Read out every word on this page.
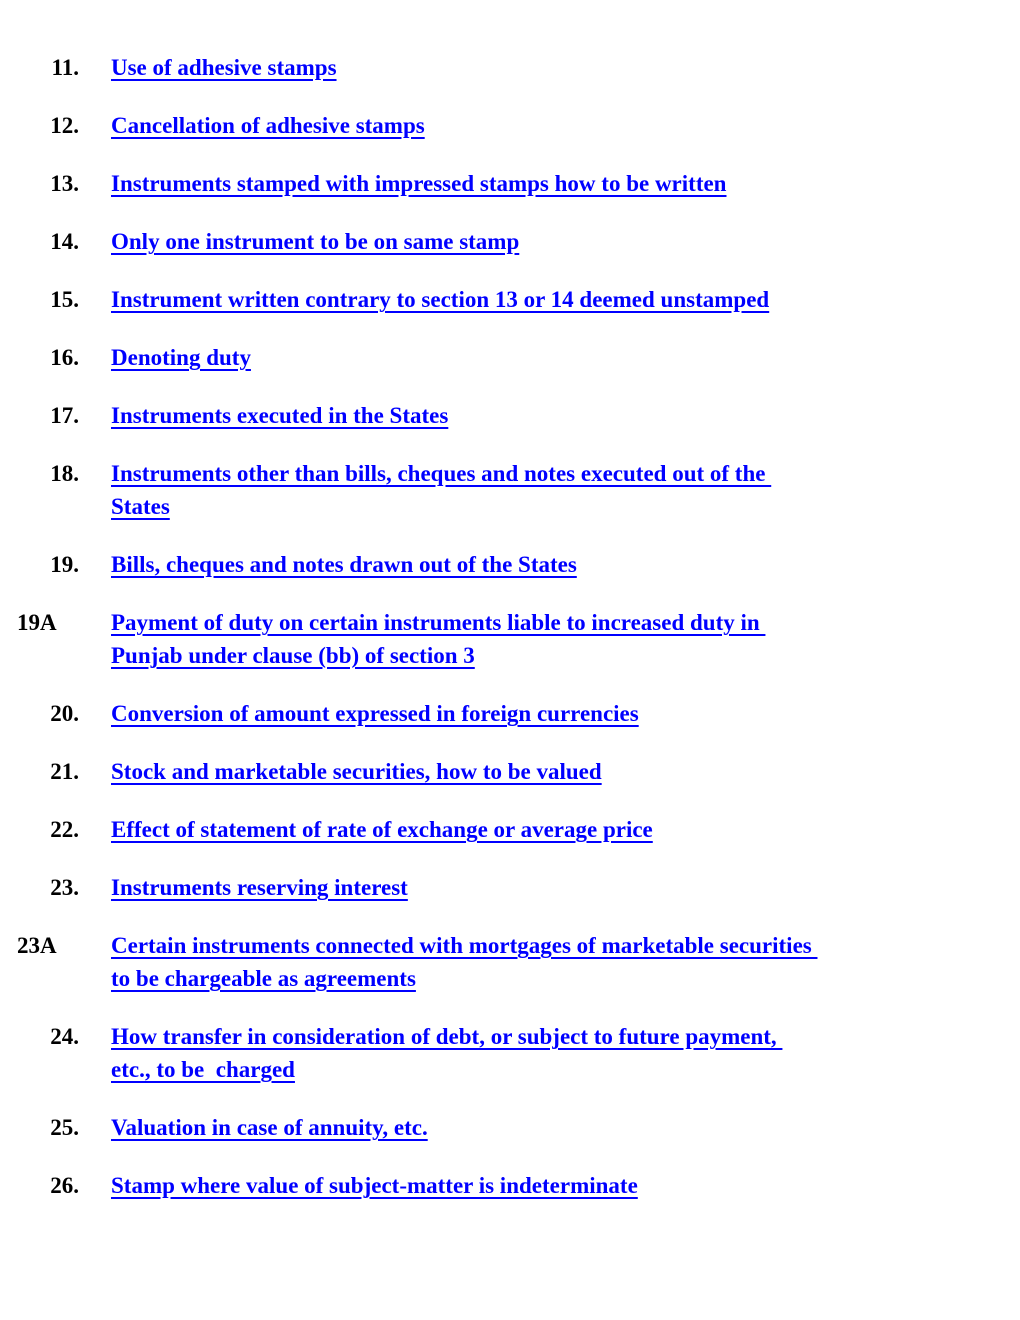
11.	Use of adhesive stamps
12.	Cancellation of adhesive stamps
13.	Instruments stamped with impressed stamps how to be written
14.	Only one instrument to be on same stamp
15.	Instrument written contrary to section 13 or 14 deemed unstamped
16.	Denoting duty
17.	Instruments executed in the States
18.	Instruments other than bills, cheques and notes executed out of the
States
19.	Bills, cheques and notes drawn out of the States
19A	Payment of duty on certain instruments liable to increased duty in
Punjab under clause (bb) of section 3
20.	Conversion of amount expressed in foreign currencies
21.	Stock and marketable securities, how to be valued
22.	Effect of statement of rate of exchange or average price
23.	Instruments reserving interest
23A	Certain instruments connected with mortgages of marketable securities
to be chargeable as agreements
24.	How transfer in consideration of debt, or subject to future payment,
etc., to be  charged
25.	Valuation in case of annuity, etc.
26.	Stamp where value of subject-matter is indeterminate
